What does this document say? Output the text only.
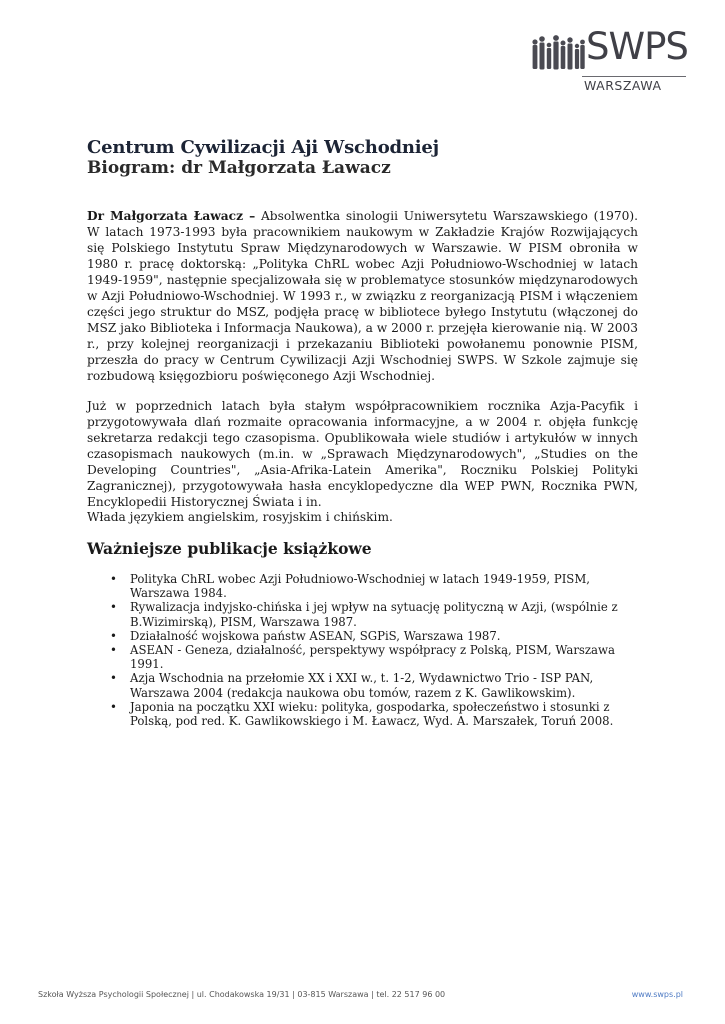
SWPS
WARSZAWA
Centrum Cywilizacji Aji Wschodniej
Biogram: dr Małgorzata Ławacz

Dr Małgorzata Ławacz – Absolwentka sinologii Uniwersytetu Warszawskiego (1970). W latach 1973-1993 była pracownikiem naukowym w Zakładzie Krajów Rozwijających się Polskiego Instytutu Spraw Międzynarodowych w Warszawie. W PISM obroniła w 1980 r. pracę doktorską: „Polityka ChRL wobec Azji Południowo-Wschodniej w latach 1949-1959", następnie specjalizowała się w problematyce stosunków międzynarodowych w Azji Południowo-Wschodniej. W 1993 r., w związku z reorganizacją PISM i włączeniem części jego struktur do MSZ, podjęła pracę w bibliotece byłego Instytutu (włączonej do MSZ jako Biblioteka i Informacja Naukowa), a w 2000 r. przejęła kierowanie nią. W 2003 r., przy kolejnej reorganizacji i przekazaniu Biblioteki powołanemu ponownie PISM, przeszła do pracy w Centrum Cywilizacji Azji Wschodniej SWPS. W Szkole zajmuje się rozbudową księgozbioru poświęconego Azji Wschodniej.

Już w poprzednich latach była stałym współpracownikiem rocznika Azja-Pacyfik i przygotowywała dlań rozmaite opracowania informacyjne, a w 2004 r. objęła funkcję sekretarza redakcji tego czasopisma. Opublikowała wiele studiów i artykułów w innych czasopismach naukowych (m.in. w „Sprawach Międzynarodowych", „Studies on the Developing Countries", „Asia-Afrika-Latein Amerika", Roczniku Polskiej Polityki Zagranicznej), przygotowywała hasła encyklopedyczne dla WEP PWN, Rocznika PWN, Encyklopedii Historycznej Świata i in.

Włada językiem angielskim, rosyjskim i chińskim.

Ważniejsze publikacje książkowe
• Polityka ChRL wobec Azji Południowo-Wschodniej w latach 1949-1959, PISM, Warszawa 1984.
• Rywalizacja indyjsko-chińska i jej wpływ na sytuację polityczną w Azji, (wspólnie z B.Wizimirską), PISM, Warszawa 1987.
• Działalność wojskowa państw ASEAN, SGPiS, Warszawa 1987.
• ASEAN - Geneza, działalność, perspektywy współpracy z Polską, PISM, Warszawa 1991.
• Azja Wschodnia na przełomie XX i XXI w., t. 1-2, Wydawnictwo Trio - ISP PAN, Warszawa 2004 (redakcja naukowa obu tomów, razem z K. Gawlikowskim).
• Japonia na początku XXI wieku: polityka, gospodarka, społeczeństwo i stosunki z Polską, pod red. K. Gawlikowskiego i M. Ławacz, Wyd. A. Marszałek, Toruń 2008.
Szkoła Wyższa Psychologii Społecznej | ul. Chodakowska 19/31 | 03-815 Warszawa | tel. 22 517 96 00	www.swps.pl
